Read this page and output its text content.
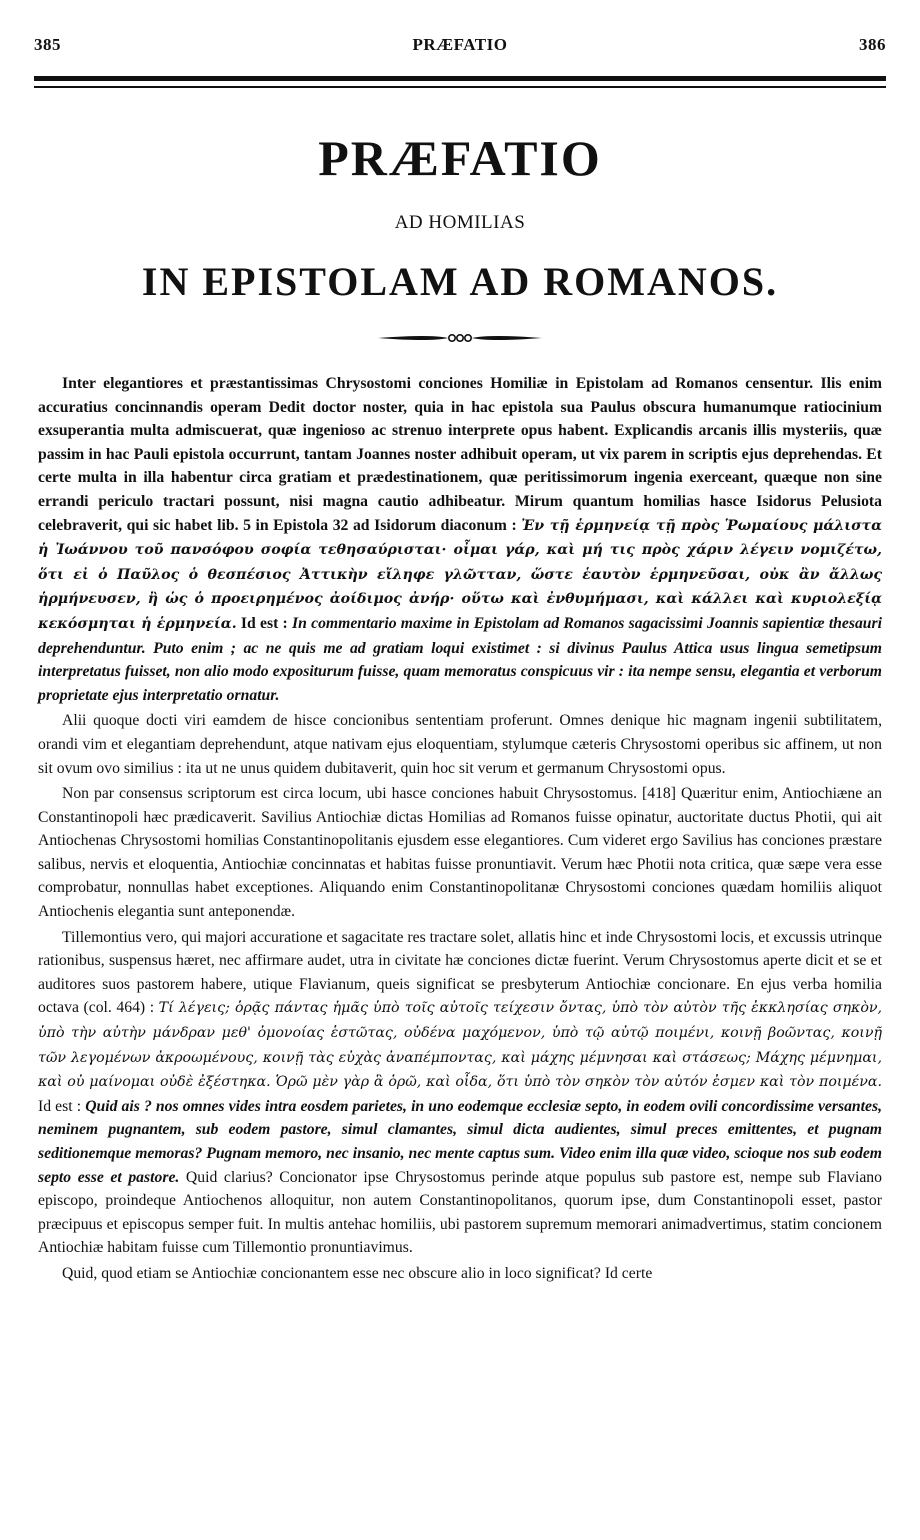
385	PRÆFATIO	386
PRÆFATIO
AD HOMILIAS
IN EPISTOLAM AD ROMANOS.

Inter elegantiores et præstantissimas Chrysostomi conciones Homiliæ in Epistolam ad Romanos censentur. Ilis enim accuratius concinnandis operam Dedit doctor noster, quia in hac epistola sua Paulus obscura humanumque ratiocinium exsuperantia multa admiscuerat, quæ ingenioso ac strenuo interprete opus habent. Explicandis arcanis illis mysteriis, quæ passim in hac Pauli epistola occurrunt, tantam Joannes noster adhibuit operam, ut vix parem in scriptis ejus deprehendas. Et certe multa in illa habentur circa gratiam et prædestinationem, quæ peritissimorum ingenia exerceant, quæque non sine errandi periculo tractari possunt, nisi magna cautio adhibeatur. Mirum quantum homilias hasce Isidorus Pelusiota celebraverit, qui sic habet lib. 5 in Epistola 32 ad Isidorum diaconum : Ἐν τῇ ἑρμηνείᾳ τῇ πρὸς Ῥωμαίους μάλιστα ἡ Ἰωάννου τοῦ πανσόφου σοφία τεθησαύρισται· οἶμαι γάρ, καὶ μή τις πρὸς χάριν λέγειν νομιζέτω, ὅτι εἰ ὁ Παῦλος ὁ θεσπέσιος Ἀττικὴν εἴληφε γλῶτταν, ὥστε ἑαυτὸν ἑρμηνεῦσαι, οὐκ ἂν ἄλλως ἡρμήνευσεν, ἢ ὡς ὁ προειρημένος ἀοίδιμος ἀνήρ· οὕτω καὶ ἐνθυμήμασι, καὶ κάλλει καὶ κυριολεξίᾳ κεκόσμηται ἡ ἑρμηνεία. Id est : In commentario maxime in Epistolam ad Romanos sagacissimi Joannis sapientiæ thesauri deprehenduntur. Puto enim ; ac ne quis me ad gratiam loqui existimet : si divinus Paulus Attica usus lingua semetipsum interpretatus fuisset, non alio modo expositurum fuisse, quam memoratus conspicuus vir : ita nempe sensu, elegantia et verborum proprietate ejus interpretatio ornatur.

Alii quoque docti viri eamdem de hisce concionibus sententiam proferunt. Omnes denique hic magnam ingenii subtilitatem, orandi vim et elegantiam deprehendunt, atque nativam ejus eloquentiam, stylumque cæteris Chrysostomi operibus sic affinem, ut non sit ovum ovo similius : ita ut ne unus quidem dubitaverit, quin hoc sit verum et germanum Chrysostomi opus.

Non par consensus scriptorum est circa locum, ubi hasce conciones habuit Chrysostomus. [418] Quæritur enim, Antiochiæne an Constantinopoli hæc prædicaverit. Savilius Antiochiæ dictas Homilias ad Romanos fuisse opinatur, auctoritate ductus Photii, qui ait Antiochenas Chrysostomi homilias Constantinopolitanis ejusdem esse elegantiores. Cum videret ergo Savilius has conciones præstare salibus, nervis et eloquentia, Antiochiæ concinnatas et habitas fuisse pronuntiavit. Verum hæc Photii nota critica, quæ sæpe vera esse comprobatur, nonnullas habet exceptiones. Aliquando enim Constantinopolitanæ Chrysostomi conciones quædam homiliis aliquot Antiochenis elegantia sunt anteponendæ.

Tillemontius vero, qui majori accuratione et sagacitate res tractare solet, allatis hinc et inde Chrysostomi locis, et excussis utrinque rationibus, suspensus hæret, nec affirmare audet, utra in civitate hæ conciones dictæ fuerint. Verum Chrysostomus aperte dicit et se et auditores suos pastorem habere, utique Flavianum, queis significat se presbyterum Antiochiæ concionare. En ejus verba homilia octava (col. 464) : Τί λέγεις; ὁρᾷς πάντας ἡμᾶς ὑπὸ τοῖς αὐτοῖς τείχεσιν ὄντας, ὑπὸ τὸν αὐτὸν τῆς ἐκκλησίας σηκὸν, ὑπὸ τὴν αὐτὴν μάνδραν μεθ' ὁμονοίας ἑστῶτας, οὐδένα μαχόμενον, ὑπὸ τῷ αὐτῷ ποιμένι, κοινῇ βοῶντας, κοινῇ τῶν λεγομένων ἀκροωμένους, κοινῇ τὰς εὐχὰς ἀναπέμποντας, καὶ μάχης μέμνησαι καὶ στάσεως; Μάχης μέμνημαι, καὶ οὐ μαίνομαι οὐδὲ ἐξέστηκα. Ὁρῶ μὲν γὰρ ἃ ὁρῶ, καὶ οἶδα, ὅτι ὑπὸ τὸν σηκὸν τὸν αὐτόν ἐσμεν καὶ τὸν ποιμένα. Id est : Quid ais ? nos omnes vides intra eosdem parietes, in uno eodemque ecclesiæ septo, in eodem ovili concordissime versantes, neminem pugnantem, sub eodem pastore, simul clamantes, simul dicta audientes, simul preces emittentes, et pugnam seditionemque memoras? Pugnam memoro, nec insanio, nec mente captus sum. Video enim illa quæ video, scioque nos sub eodem septo esse et pastore. Quid clarius? Concionator ipse Chrysostomus perinde atque populus sub pastore est, nempe sub Flaviano episcopo, proindeque Antiochenos alloquitur, non autem Constantinopolitanos, quorum ipse, dum Constantinopoli esset, pastor præcipuus et episcopus semper fuit. In multis antehac homiliis, ubi pastorem supremum memorari animadvertimus, statim concionem Antiochiæ habitam fuisse cum Tillemontio pronuntiavimus.

Quid, quod etiam se Antiochiæ concionantem esse nec obscure alio in loco significat? Id certe
